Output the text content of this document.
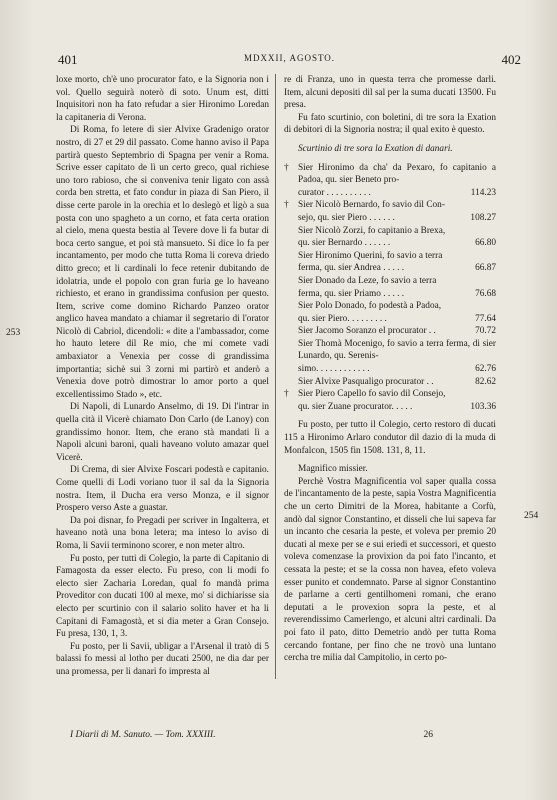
401	MDXXII, AGOSTO.	402
253
254

loxe morto, ch'è uno procurator fato, e la Signoria non i vol. Quello seguirà noterò di soto. Unum est, ditti Inquisitori non ha fato refudar a sier Hironimo Loredan la capitaneria di Verona.

Di Roma, fo letere di sier Alvixe Gradenigo orator nostro, di 27 et 29 dil passato. Come hanno aviso il Papa partirà questo Septembrio di Spagna per venir a Roma. Scrive esser capitato de lì un certo greco, qual richiese uno toro rabioso, che si conveniva tenir ligato con assà corda ben stretta, et fato condur in piaza di San Piero, il disse certe parole in la orechia et lo deslegò et ligò a sua posta con uno spagheto a un corno, et fata certa oration al cielo, mena questa bestia al Tevere dove li fa butar di boca certo sangue, et poi stà mansueto. Si dice lo fa per incantamento, per modo che tutta Roma li coreva driedo ditto greco; et li cardinali lo fece retenir dubitando de idolatria, unde el popolo con gran furia ge lo haveano richiesto, et erano in grandissima confusion per questo. Item, scrive come domino Richardo Panzeo orator anglico havea mandato a chiamar il segretario di l'orator Nicolò di Cabriol, dicendoli: « dite a l'ambassador, come ho hauto letere dil Re mio, che mi comete vadi ambaxiator a Venexia per cosse di grandissima importantia; sichè sui 3 zorni mi partirò et anderò a Venexia dove potrò dimostrar lo amor porto a quel excellentissimo Stado », etc.

Di Napoli, di Lunardo Anselmo, di 19. Di l'intrar in quella cità il Vicerè chiamato Don Carlo (de Lanoy) con grandissimo honor. Item, che erano stà mandati lì a Napoli alcuni baroni, quali haveano voluto amazar quel Vicerè.

Di Crema, di sier Alvixe Foscari podestà e capitanio. Come quelli di Lodi voriano tuor il sal da la Signoria nostra. Item, il Ducha era verso Monza, e il signor Prospero verso Aste a guastar.

Da poi disnar, fo Pregadi per scriver in Ingalterra, et haveano notà una bona letera; ma inteso lo aviso di Roma, li Savii terminono scorer, e non meter altro.

Fu posto, per tutti di Colegio, la parte di Capitanio di Famagosta da esser electo. Fu preso, con li modi fo electo sier Zacharia Loredan, qual fo mandà prima Proveditor con ducati 100 al mexe, mo' si dichiarisse sia electo per scurtinio con il salario solito haver et ha li Capitani di Famagostà, et si dia meter a Gran Consejo. Fu presa, 130, 1, 3.

Fu posto, per li Savii, ubligar a l'Arsenal il tratò di 5 balassi fo messi al lotho per ducati 2500, ne dia dar per una promessa, per li danari fo impresta al

re di Franza, uno in questa terra che promesse darli. Item, alcuni depositi dil sal per la suma ducati 13500. Fu presa.

Fu fato scurtinio, con boletini, di tre sora la Exation di debitori di la Signoria nostra; il qual exito è questo.

Scurtinio di tre sora la Exation di danari.

† Sier Hironimo da cha' da Pexaro, fo capitanio a Padoa, qu. sier Beneto pro-
curator . . . . . . . . . .	114.23
† Sier Nicolò Bernardo, fo savio dil Con-
sejo, qu. sier Piero . . . . . .	108.27
Sier Nicolò Zorzi, fo capitanio a Brexa,
qu. sier Bernardo . . . . . .	66.80
Sier Hironimo Querini, fo savio a terra
ferma, qu. sier Andrea . . . . .	66.87
Sier Donado da Leze, fo savio a terra
ferma, qu. sier Priamo . . . . .	76.68
Sier Polo Donado, fo podestà a Padoa,
qu. sier Piero. . . . . . . . .	77.64
Sier Jacomo Soranzo el procurator . .	70.72
Sier Thomà Mocenigo, fo savio a terra ferma, di sier Lunardo, qu. Serenis-
simo. . . . . . . . . . . .	62.76
Sier Alvixe Pasqualigo procurator . .	82.62
† Sier Piero Capello fo savio dil Consejo,
qu. sier Zuane procurator. . . . .	103.36

Fu posto, per tutto il Colegio, certo restoro di ducati 115 a Hironimo Arlaro condutor dil dazio di la muda di Monfalcon, 1505 fin 1508. 131, 8, 11.

Magnifico missier.

Perchè Vostra Magnificentia vol saper qualla cossa de l'incantamento de la peste, sapia Vostra Magnificentia che un certo Dimitri de la Morea, habitante a Corfù, andò dal signor Constantino, et disseli che lui sapeva far un incanto che cesaria la peste, et voleva per premio 20 ducati al mexe per se e sui eriedi et successori, et questo voleva comenzase la provixion da poi fato l'incanto, et cessata la peste; et se la cossa non havea, efeto voleva esser punito et condemnato. Parse al signor Constantino de parlarne a certi gentilhomeni romani, che erano deputati a le provexion sopra la peste, et al reverendissimo Camerlengo, et alcuni altri cardinali. Da poi fato il pato, ditto Demetrio andò per tutta Roma cercando fontane, per fino che ne trovò una luntano cercha tre milia dal Campitolio, in certo po-

I Diarii di M. Sanuto. — Tom. XXXIII.	26
